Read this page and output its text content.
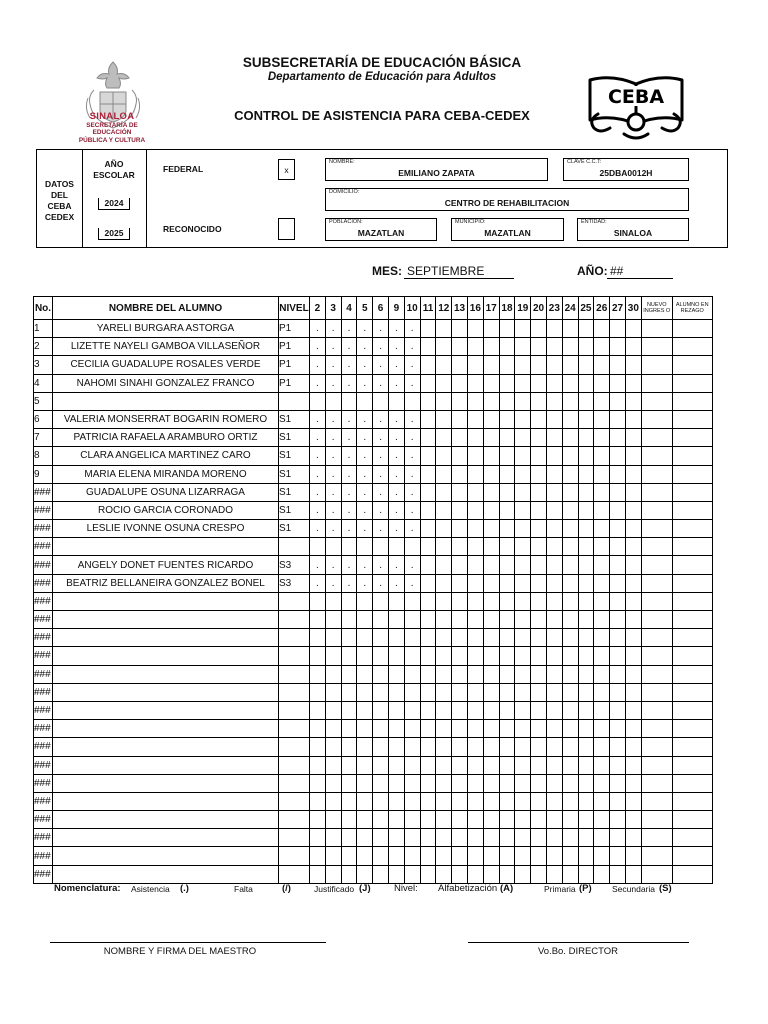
SINALOA
SECRETARÍA DE
EDUCACIÓN
PÚBLICA Y CULTURA
SUBSECRETARÍA DE EDUCACIÓN BÁSICA
Departamento de Educación para Adultos
CONTROL DE ASISTENCIA PARA CEBA-CEDEX
CEBA
DATOS
DEL
CEBA
CEDEX
AÑO
ESCOLAR
2024
2025
FEDERAL	x
RECONOCIDO
NOMBRE:
EMILIANO ZAPATA
CLAVE C.C.T:
25DBA0012H
DOMICILIO:
CENTRO DE REHABILITACION
POBLACIÓN:
MAZATLAN
MUNICIPIO:
MAZATLAN
ENTIDAD:
SINALOA
MES: SEPTIEMBRE	AÑO: ##
No.	NOMBRE DEL ALUMNO	NIVEL	2	3	4	5	6	9	10	11	12	13	16	17	18	19	20	23	24	25	26	27	30	NUEVO INGRES O	ALUMNO EN REZAGO
1	YARELI BURGARA ASTORGA	P1	.	.	.	.	.	.	.																
2	LIZETTE NAYELI GAMBOA VILLASEÑOR	P1	.	.	.	.	.	.	.																
3	CECILIA GUADALUPE ROSALES VERDE	P1	.	.	.	.	.	.	.																
4	NAHOMI SINAHI GONZALEZ FRANCO	P1	.	.	.	.	.	.	.																
5																									
6	VALERIA MONSERRAT BOGARIN ROMERO	S1	.	.	.	.	.	.	.																
7	PATRICIA RAFAELA ARAMBURO ORTIZ	S1	.	.	.	.	.	.	.																
8	CLARA ANGELICA MARTINEZ CARO	S1	.	.	.	.	.	.	.																
9	MARIA ELENA MIRANDA MORENO	S1	.	.	.	.	.	.	.																
###	GUADALUPE OSUNA LIZARRAGA	S1	.	.	.	.	.	.	.																
###	ROCIO GARCIA CORONADO	S1	.	.	.	.	.	.	.																
###	LESLIE IVONNE OSUNA CRESPO	S1	.	.	.	.	.	.	.																
###																									
###	ANGELY DONET FUENTES RICARDO	S3	.	.	.	.	.	.	.																
###	BEATRIZ BELLANEIRA GONZALEZ BONEL	S3	.	.	.	.	.	.	.																
###																									
###																									
###																									
###																									
###																									
###																									
###																									
###																									
###																									
###																									
###																									
###																									
###																									
###																									
###																									
###																									
Nomenclatura: Asistencia (.)	Falta	(/)	Justificado (J) Nivel: Alfabetización (A)	Primaria (P) Secundaria (S)
NOMBRE Y FIRMA DEL MAESTRO	Vo.Bo. DIRECTOR
